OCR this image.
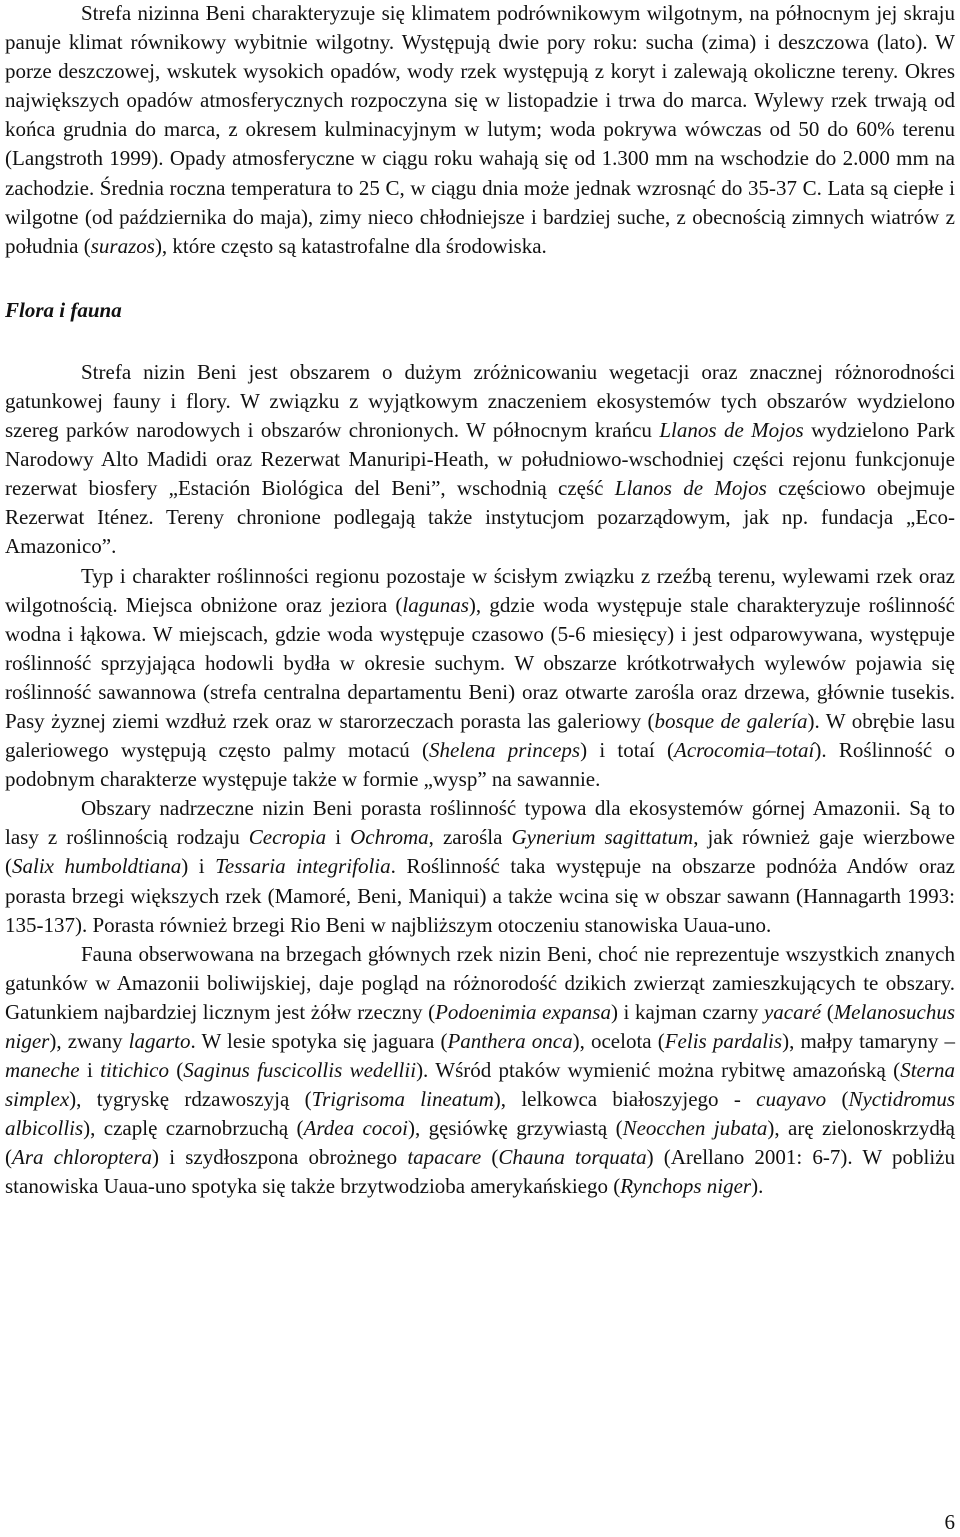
Strefa nizinna Beni charakteryzuje się klimatem podrównikowym wilgotnym, na północnym jej skraju panuje klimat równikowy wybitnie wilgotny. Występują dwie pory roku: sucha (zima) i deszczowa (lato). W porze deszczowej, wskutek wysokich opadów, wody rzek występują z koryt i zalewają okoliczne tereny. Okres największych opadów atmosferycznych rozpoczyna się w listopadzie i trwa do marca. Wylewy rzek trwają od końca grudnia do marca, z okresem kulminacyjnym w lutym; woda pokrywa wówczas od 50 do 60% terenu (Langstroth 1999). Opady atmosferyczne w ciągu roku wahają się od 1.300 mm na wschodzie do 2.000 mm na zachodzie. Średnia roczna temperatura to 25 C, w ciągu dnia może jednak wzrosnąć do 35-37 C. Lata są ciepłe i wilgotne (od października do maja), zimy nieco chłodniejsze i bardziej suche, z obecnością zimnych wiatrów z południa (surazos), które często są katastrofalne dla środowiska.

Flora i fauna

Strefa nizin Beni jest obszarem o dużym zróżnicowaniu wegetacji oraz znacznej różnorodności gatunkowej fauny i flory. W związku z wyjątkowym znaczeniem ekosystemów tych obszarów wydzielono szereg parków narodowych i obszarów chronionych. W północnym krańcu Llanos de Mojos wydzielono Park Narodowy Alto Madidi oraz Rezerwat Manuripi-Heath, w południowo-wschodniej części rejonu funkcjonuje rezerwat biosfery „Estación Biológica del Beni”, wschodnią część Llanos de Mojos częściowo obejmuje Rezerwat Iténez. Tereny chronione podlegają także instytucjom pozarządowym, jak np. fundacja „Eco-Amazonico”.

Typ i charakter roślinności regionu pozostaje w ścisłym związku z rzeźbą terenu, wylewami rzek oraz wilgotnością. Miejsca obniżone oraz jeziora (lagunas), gdzie woda występuje stale charakteryzuje roślinność wodna i łąkowa. W miejscach, gdzie woda występuje czasowo (5-6 miesięcy) i jest odparowywana, występuje roślinność sprzyjająca hodowli bydła w okresie suchym. W obszarze krótkotrwałych wylewów pojawia się roślinność sawannowa (strefa centralna departamentu Beni) oraz otwarte zarośla oraz drzewa, głównie tusekis. Pasy żyznej ziemi wzdłuż rzek oraz w starorzeczach porasta las galeriowy (bosque de galería). W obrębie lasu galeriowego występują często palmy motacú (Shelena princeps) i totaí (Acrocomia–totaí). Roślinność o podobnym charakterze występuje także w formie „wysp” na sawannie.

Obszary nadrzeczne nizin Beni porasta roślinność typowa dla ekosystemów górnej Amazonii. Są to lasy z roślinnością rodzaju Cecropia i Ochroma, zarośla Gynerium sagittatum, jak również gaje wierzbowe (Salix humboldtiana) i Tessaria integrifolia. Roślinność taka występuje na obszarze podnóża Andów oraz porasta brzegi większych rzek (Mamoré, Beni, Maniqui) a także wcina się w obszar sawann (Hannagarth 1993: 135-137). Porasta również brzegi Rio Beni w najbliższym otoczeniu stanowiska Uaua-uno.

Fauna obserwowana na brzegach głównych rzek nizin Beni, choć nie reprezentuje wszystkich znanych gatunków w Amazonii boliwijskiej, daje pogląd na różnorodość dzikich zwierząt zamieszkujących te obszary. Gatunkiem najbardziej licznym jest żółw rzeczny (Podoenimia expansa) i kajman czarny yacaré (Melanosuchus niger), zwany lagarto. W lesie spotyka się jaguara (Panthera onca), ocelota (Felis pardalis), małpy tamaryny – maneche i titichico (Saginus fuscicollis wedellii). Wśród ptaków wymienić można rybitwę amazońską (Sterna simplex), tygryskę rdzawoszyją (Trigrisoma lineatum), lelkowca białoszyjego - cuayavo (Nyctidromus albicollis), czaplę czarnobrzuchą (Ardea cocoi), gęsiówkę grzywiastą (Neocchen jubata), arę zielonoskrzydłą (Ara chloroptera) i szydłoszpona obrożnego tapacare (Chauna torquata) (Arellano 2001: 6-7). W pobliżu stanowiska Uaua-uno spotyka się także brzytwodzioba amerykańskiego (Rynchops niger).

6
